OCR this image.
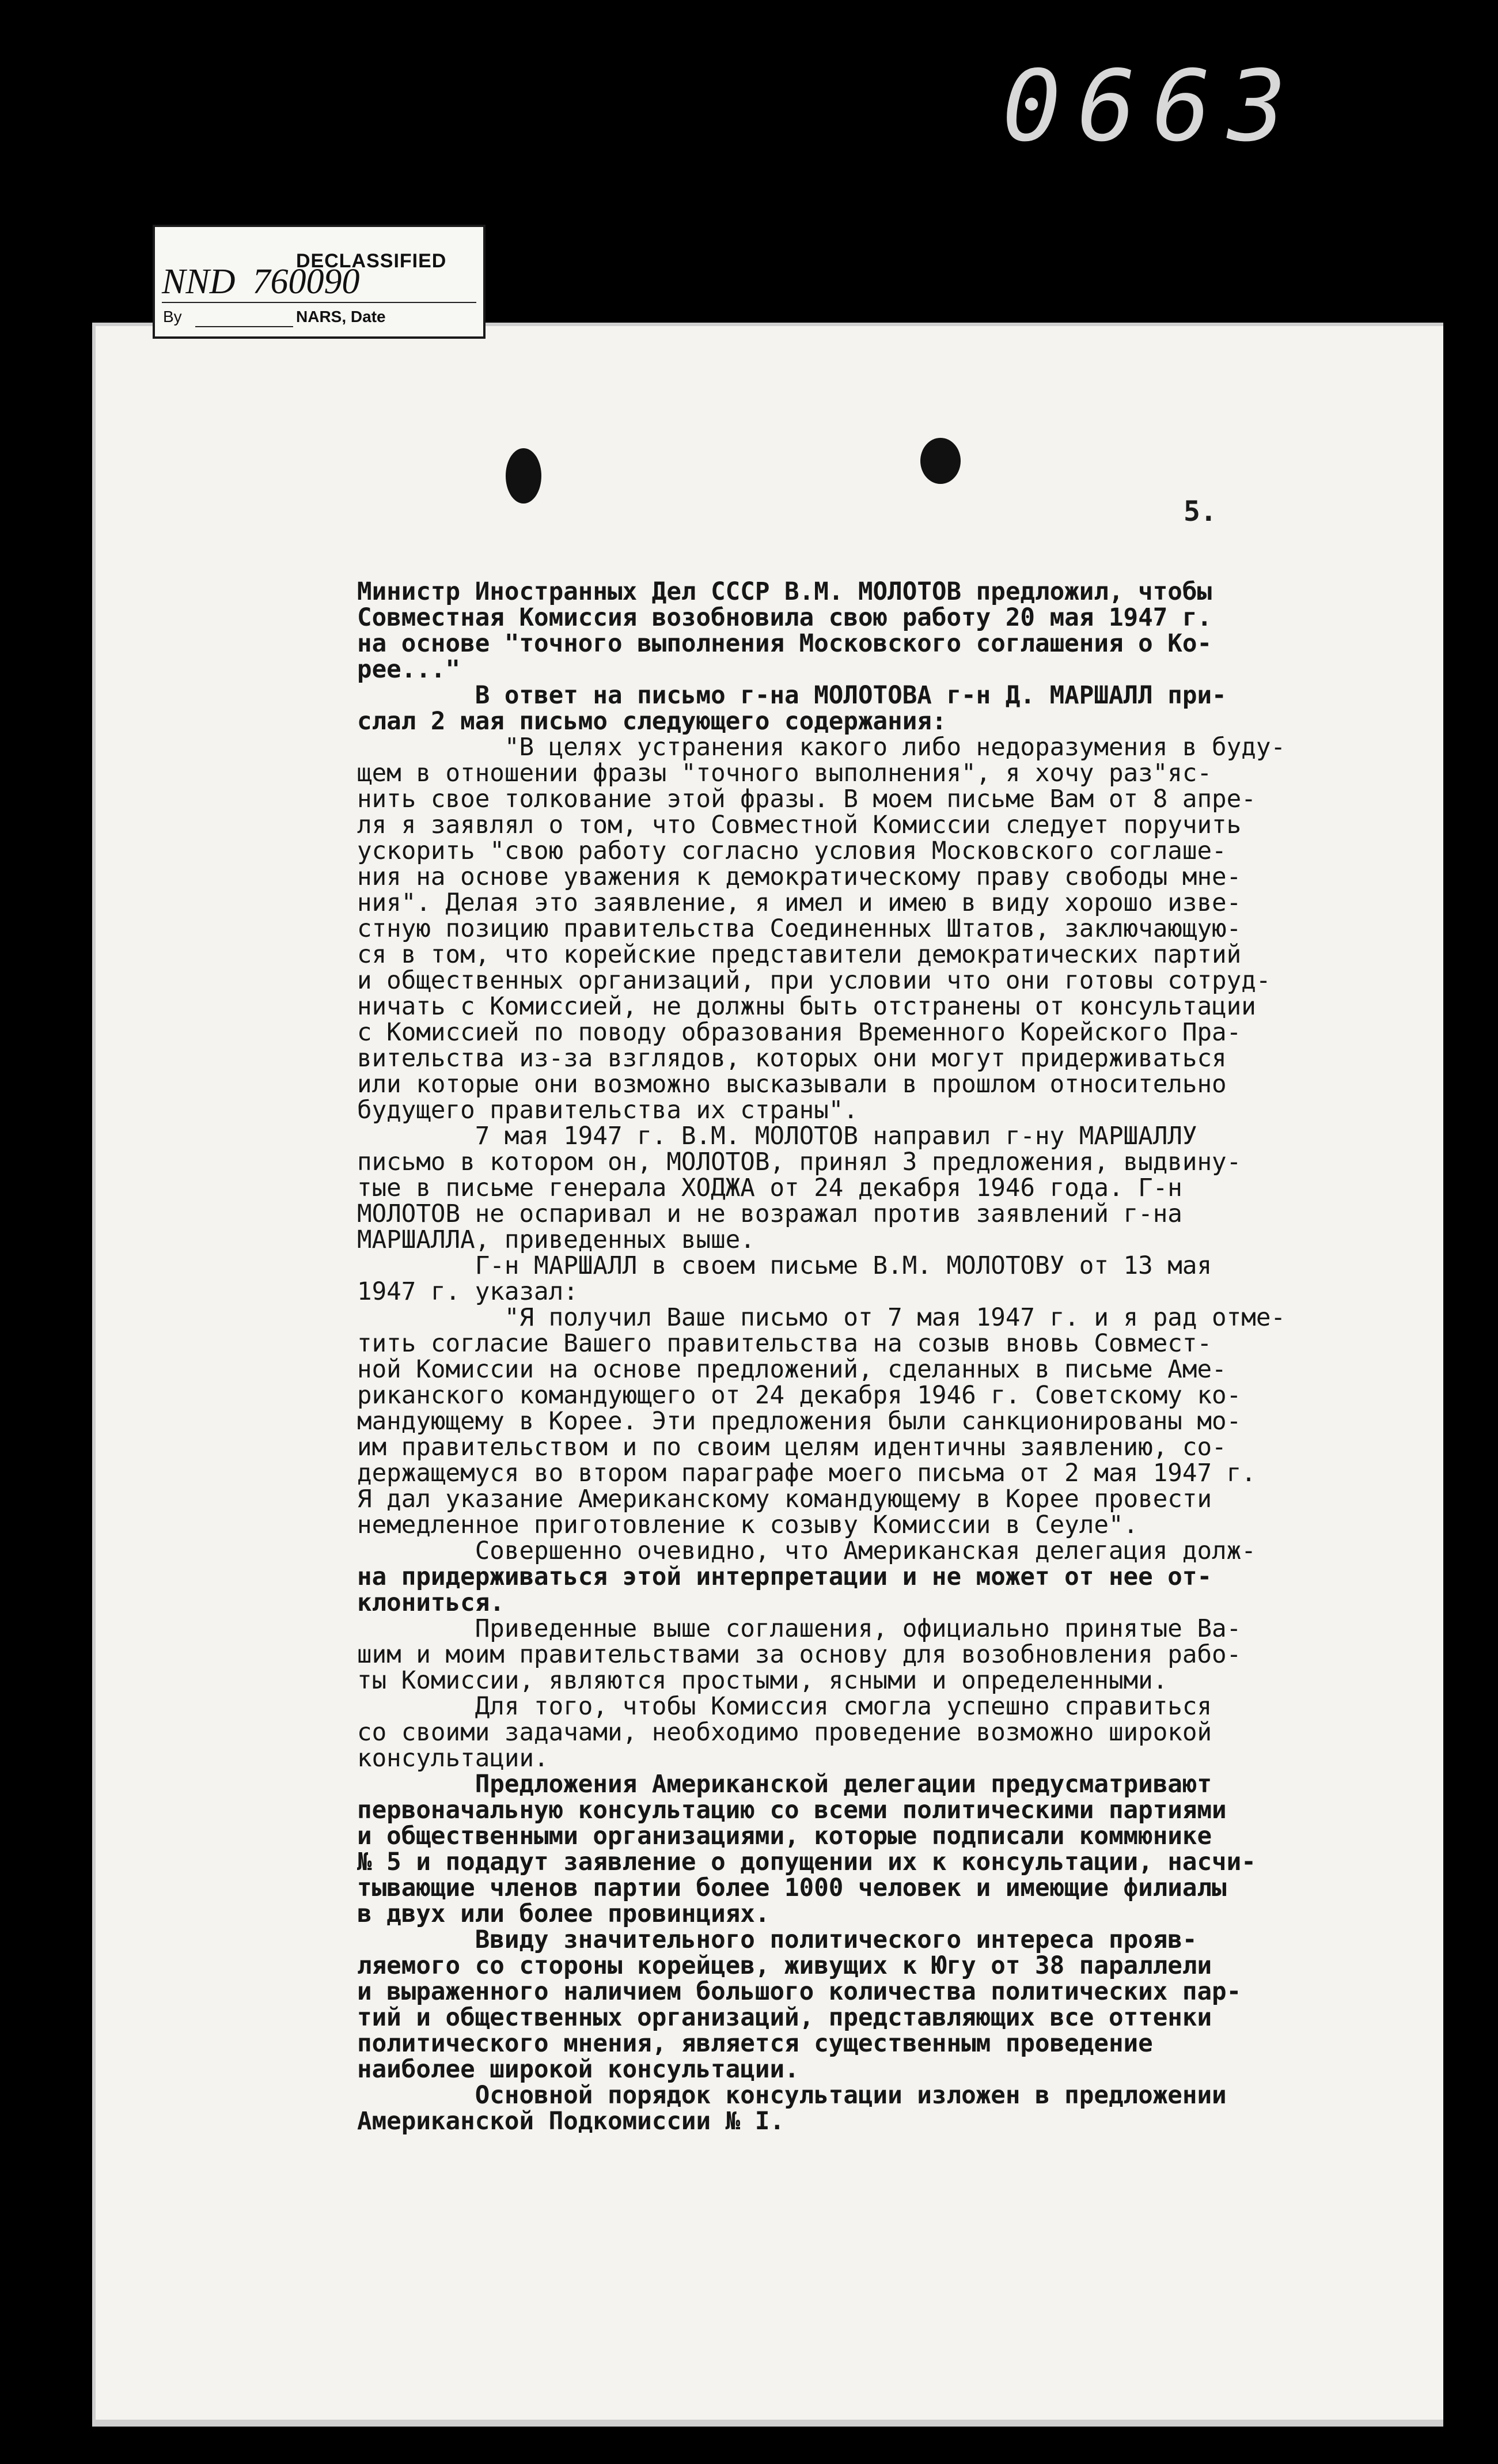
0663
DECLASSIFIED
NND 760090
By	NARS, Date
5.
Министр Иностранных Дел СССР В.М. МОЛОТОВ предложил, чтобы
Совместная Комиссия возобновила свою работу 20 мая 1947 г.
на основе "точного выполнения Московского соглашения о Ко-
рее..."
В ответ на письмо г-на МОЛОТОВА г-н Д. МАРШАЛЛ при-
слал 2 мая письмо следующего содержания:
"В целях устранения какого либо недоразумения в буду-
щем в отношении фразы "точного выполнения", я хочу раз"яс-
нить свое толкование этой фразы. В моем письме Вам от 8 апре-
ля я заявлял о том, что Совместной Комиссии следует поручить
ускорить "свою работу согласно условия Московского соглаше-
ния на основе уважения к демократическому праву свободы мне-
ния". Делая это заявление, я имел и имею в виду хорошо изве-
стную позицию правительства Соединенных Штатов, заключающую-
ся в том, что корейские представители демократических партий
и общественных организаций, при условии что они готовы сотруд-
ничать с Комиссией, не должны быть отстранены от консультации
с Комиссией по поводу образования Временного Корейского Пра-
вительства из-за взглядов, которых они могут придерживаться
или которые они возможно высказывали в прошлом относительно
будущего правительства их страны".
7 мая 1947 г. В.М. МОЛОТОВ направил г-ну МАРШАЛЛУ
письмо в котором он, МОЛОТОВ, принял 3 предложения, выдвину-
тые в письме генерала ХОДЖА от 24 декабря 1946 года. Г-н
МОЛОТОВ не оспаривал и не возражал против заявлений г-на
МАРШАЛЛА, приведенных выше.
Г-н МАРШАЛЛ в своем письме В.М. МОЛОТОВУ от 13 мая
1947 г. указал:
"Я получил Ваше письмо от 7 мая 1947 г. и я рад отме-
тить согласие Вашего правительства на созыв вновь Совмест-
ной Комиссии на основе предложений, сделанных в письме Аме-
риканского командующего от 24 декабря 1946 г. Советскому ко-
мандующему в Корее. Эти предложения были санкционированы мо-
им правительством и по своим целям идентичны заявлению, со-
держащемуся во втором параграфе моего письма от 2 мая 1947 г.
Я дал указание Американскому командующему в Корее провести
немедленное приготовление к созыву Комиссии в Сеуле".
Совершенно очевидно, что Американская делегация долж-
на придерживаться этой интерпретации и не может от нее от-
клониться.
Приведенные выше соглашения, официально принятые Ва-
шим и моим правительствами за основу для возобновления рабо-
ты Комиссии, являются простыми, ясными и определенными.
Для того, чтобы Комиссия смогла успешно справиться
со своими задачами, необходимо проведение возможно широкой
консультации.
Предложения Американской делегации предусматривают
первоначальную консультацию со всеми политическими партиями
и общественными организациями, которые подписали коммюнике
№ 5 и подадут заявление о допущении их к консультации, насчи-
тывающие членов партии более 1000 человек и имеющие филиалы
в двух или более провинциях.
Ввиду значительного политического интереса прояв-
ляемого со стороны корейцев, живущих к Югу от 38 параллели
и выраженного наличием большого количества политических пар-
тий и общественных организаций, представляющих все оттенки
политического мнения, является существенным проведение
наиболее широкой консультации.
Основной порядок консультации изложен в предложении
Американской Подкомиссии № I.
